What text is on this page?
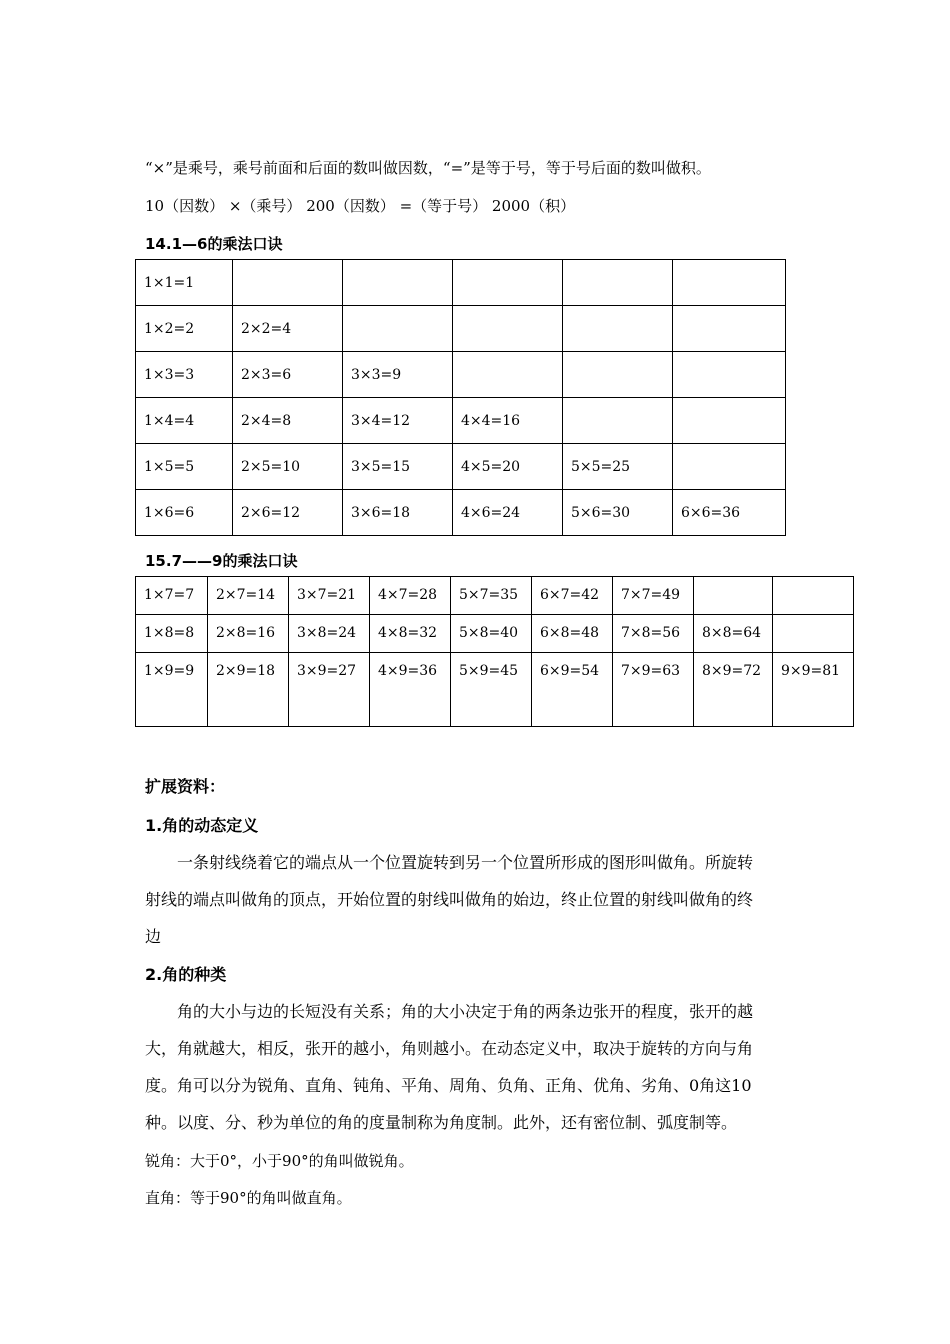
“×”是乘号，乘号前面和后面的数叫做因数，“=”是等于号，等于号后面的数叫做积。
10（因数） ×（乘号） 200（因数） =（等于号） 2000（积）
14.1—6的乘法口诀
1×1=1					
1×2=2	2×2=4				
1×3=3	2×3=6	3×3=9			
1×4=4	2×4=8	3×4=12	4×4=16		
1×5=5	2×5=10	3×5=15	4×5=20	5×5=25	
1×6=6	2×6=12	3×6=18	4×6=24	5×6=30	6×6=36
15.7——9的乘法口诀
1×7=7	2×7=14	3×7=21	4×7=28	5×7=35	6×7=42	7×7=49		
1×8=8	2×8=16	3×8=24	4×8=32	5×8=40	6×8=48	7×8=56	8×8=64	
1×9=9	2×9=18	3×9=27	4×9=36	5×9=45	6×9=54	7×9=63	8×9=72	9×9=81
扩展资料：
1.角的动态定义
　　一条射线绕着它的端点从一个位置旋转到另一个位置所形成的图形叫做角。所旋转
射线的端点叫做角的顶点，开始位置的射线叫做角的始边，终止位置的射线叫做角的终
边
2.角的种类
　　角的大小与边的长短没有关系；角的大小决定于角的两条边张开的程度，张开的越
大，角就越大，相反，张开的越小，角则越小。在动态定义中，取决于旋转的方向与角
度。角可以分为锐角、直角、钝角、平角、周角、负角、正角、优角、劣角、0角这10
种。以度、分、秒为单位的角的度量制称为角度制。此外，还有密位制、弧度制等。
锐角：大于0°，小于90°的角叫做锐角。
直角：等于90°的角叫做直角。
